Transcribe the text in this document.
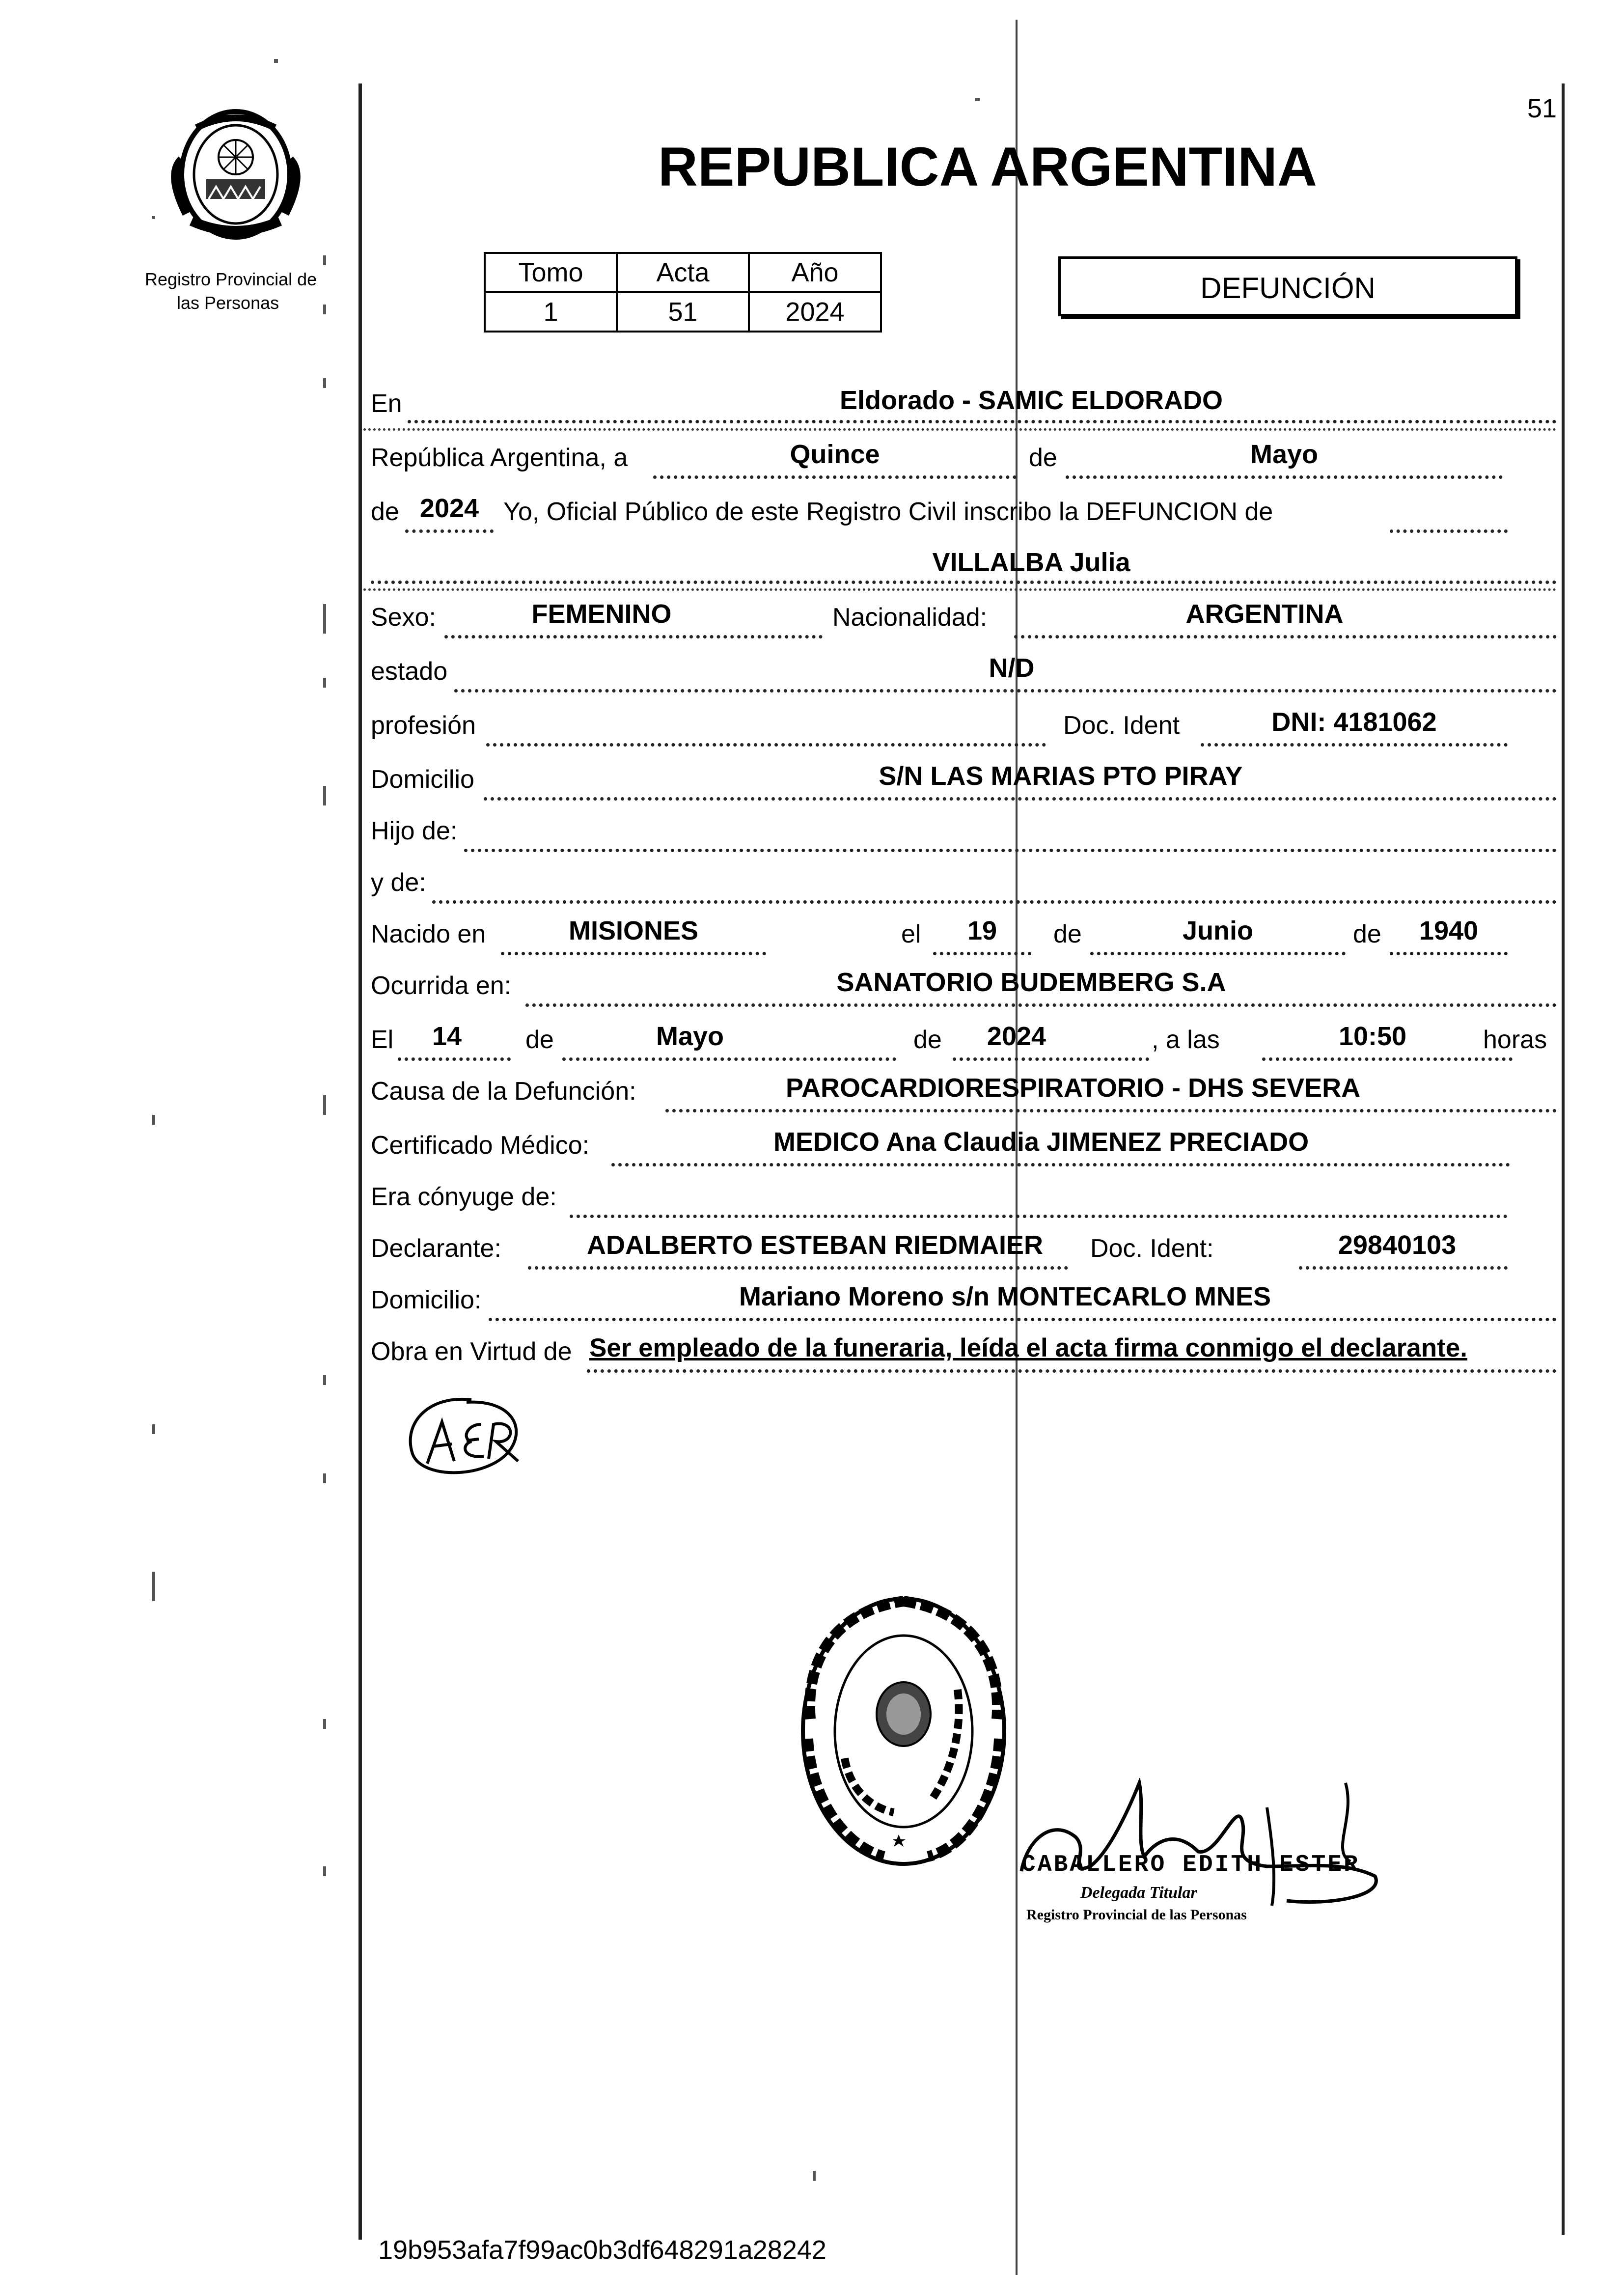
51
Registro Provincial de
las Personas
REPUBLICA ARGENTINA
Tomo	Acta	Año
1	51	2024
DEFUNCIÓN
En	Eldorado - SAMIC ELDORADO
República Argentina, a	Quince	de	Mayo
de 2024 Yo, Oficial Público de este Registro Civil inscribo la DEFUNCION de
VILLALBA Julia
Sexo:	FEMENINO	Nacionalidad:	ARGENTINA
estado	N/D
profesión	Doc. Ident	DNI: 4181062
Domicilio	S/N LAS MARIAS PTO PIRAY
Hijo de:
y de:
Nacido en	MISIONES	el	19	de	Junio	de	1940
Ocurrida en:	SANATORIO BUDEMBERG S.A
El	14	de	Mayo	de	2024	, a las	10:50	horas
Causa de la Defunción:	PAROCARDIORESPIRATORIO - DHS SEVERA
Certificado Médico:	MEDICO Ana Claudia JIMENEZ PRECIADO
Era cónyuge de:
Declarante:	ADALBERTO ESTEBAN RIEDMAIER	Doc. Ident:	29840103
Domicilio:	Mariano Moreno s/n MONTECARLO MNES
Obra en Virtud de Ser empleado de la funeraria, leída el acta firma conmigo el declarante.
CABALLERO EDITH ESTER
Delegada Titular
Registro Provincial de las Personas
19b953afa7f99ac0b3df648291a28242
